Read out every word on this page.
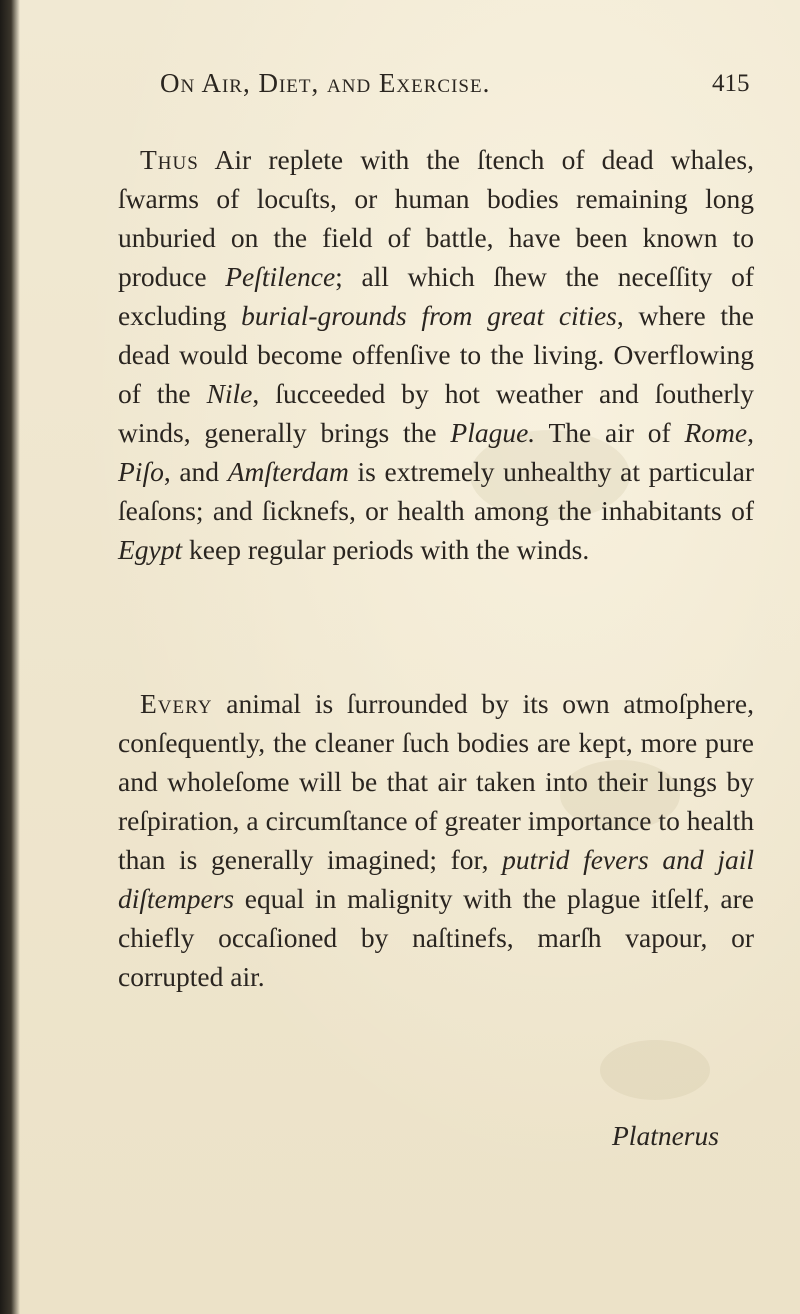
On Air, Diet, and Exercise.	415

Thus Air replete with the ſtench of dead whales, ſwarms of locuſts, or human bodies remaining long unburied on the field of battle, have been known to produce Peſtilence; all which ſhew the neceſſity of excluding burial-grounds from great cities, where the dead would become offenſive to the living. Overflowing of the Nile, ſucceeded by hot weather and ſoutherly winds, generally brings the Plague. The air of Rome, Piſo, and Amſterdam is extremely unhealthy at particular ſeaſons; and ſicknefs, or health among the inhabitants of Egypt keep regular periods with the winds.

Every animal is ſurrounded by its own atmoſphere, conſequently, the cleaner ſuch bodies are kept, more pure and wholeſome will be that air taken into their lungs by reſpiration, a circumſtance of greater importance to health than is generally imagined; for, putrid fevers and jail diſtempers equal in malignity with the plague itſelf, are chiefly occaſioned by naſtinefs, marſh vapour, or corrupted air.

Platnerus
